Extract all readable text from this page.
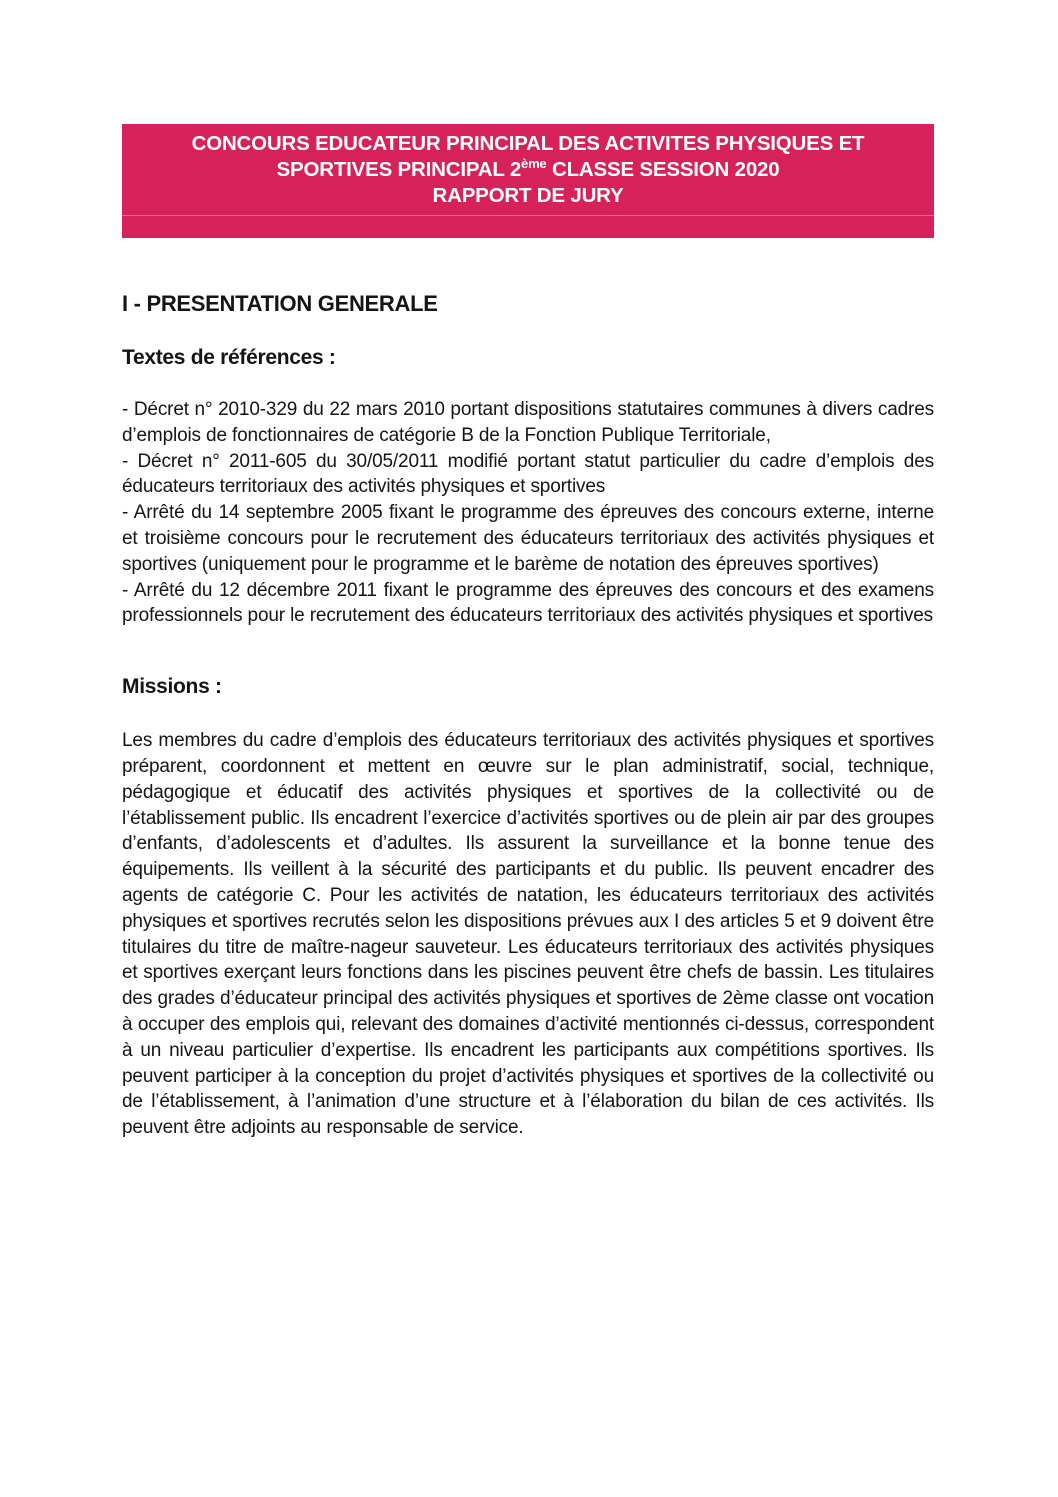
CONCOURS EDUCATEUR PRINCIPAL DES ACTIVITES PHYSIQUES ET
SPORTIVES PRINCIPAL 2ème CLASSE SESSION 2020
RAPPORT DE JURY
I - PRESENTATION GENERALE
Textes de références :

- Décret n° 2010-329 du 22 mars 2010 portant dispositions statutaires communes à divers cadres d’emplois de fonctionnaires de catégorie B de la Fonction Publique Territoriale,

- Décret n° 2011-605 du 30/05/2011 modifié portant statut particulier du cadre d’emplois des éducateurs territoriaux des activités physiques et sportives

- Arrêté du 14 septembre 2005 fixant le programme des épreuves des concours externe, interne et troisième concours pour le recrutement des éducateurs territoriaux des activités physiques et sportives (uniquement pour le programme et le barème de notation des épreuves sportives)

- Arrêté du 12 décembre 2011 fixant le programme des épreuves des concours et des examens professionnels pour le recrutement des éducateurs territoriaux des activités physiques et sportives

Missions :

Les membres du cadre d’emplois des éducateurs territoriaux des activités physiques et sportives préparent, coordonnent et mettent en œuvre sur le plan administratif, social, technique, pédagogique et éducatif des activités physiques et sportives de la collectivité ou de l’établissement public. Ils encadrent l’exercice d’activités sportives ou de plein air par des groupes d’enfants, d’adolescents et d’adultes. Ils assurent la surveillance et la bonne tenue des équipements. Ils veillent à la sécurité des participants et du public. Ils peuvent encadrer des agents de catégorie C. Pour les activités de natation, les éducateurs territoriaux des activités physiques et sportives recrutés selon les dispositions prévues aux I des articles 5 et 9 doivent être titulaires du titre de maître-nageur sauveteur. Les éducateurs territoriaux des activités physiques et sportives exerçant leurs fonctions dans les piscines peuvent être chefs de bassin. Les titulaires des grades d’éducateur principal des activités physiques et sportives de 2ème classe ont vocation à occuper des emplois qui, relevant des domaines d’activité mentionnés ci-dessus, correspondent à un niveau particulier d’expertise. Ils encadrent les participants aux compétitions sportives. Ils peuvent participer à la conception du projet d’activités physiques et sportives de la collectivité ou de l’établissement, à l’animation d’une structure et à l’élaboration du bilan de ces activités. Ils peuvent être adjoints au responsable de service.
